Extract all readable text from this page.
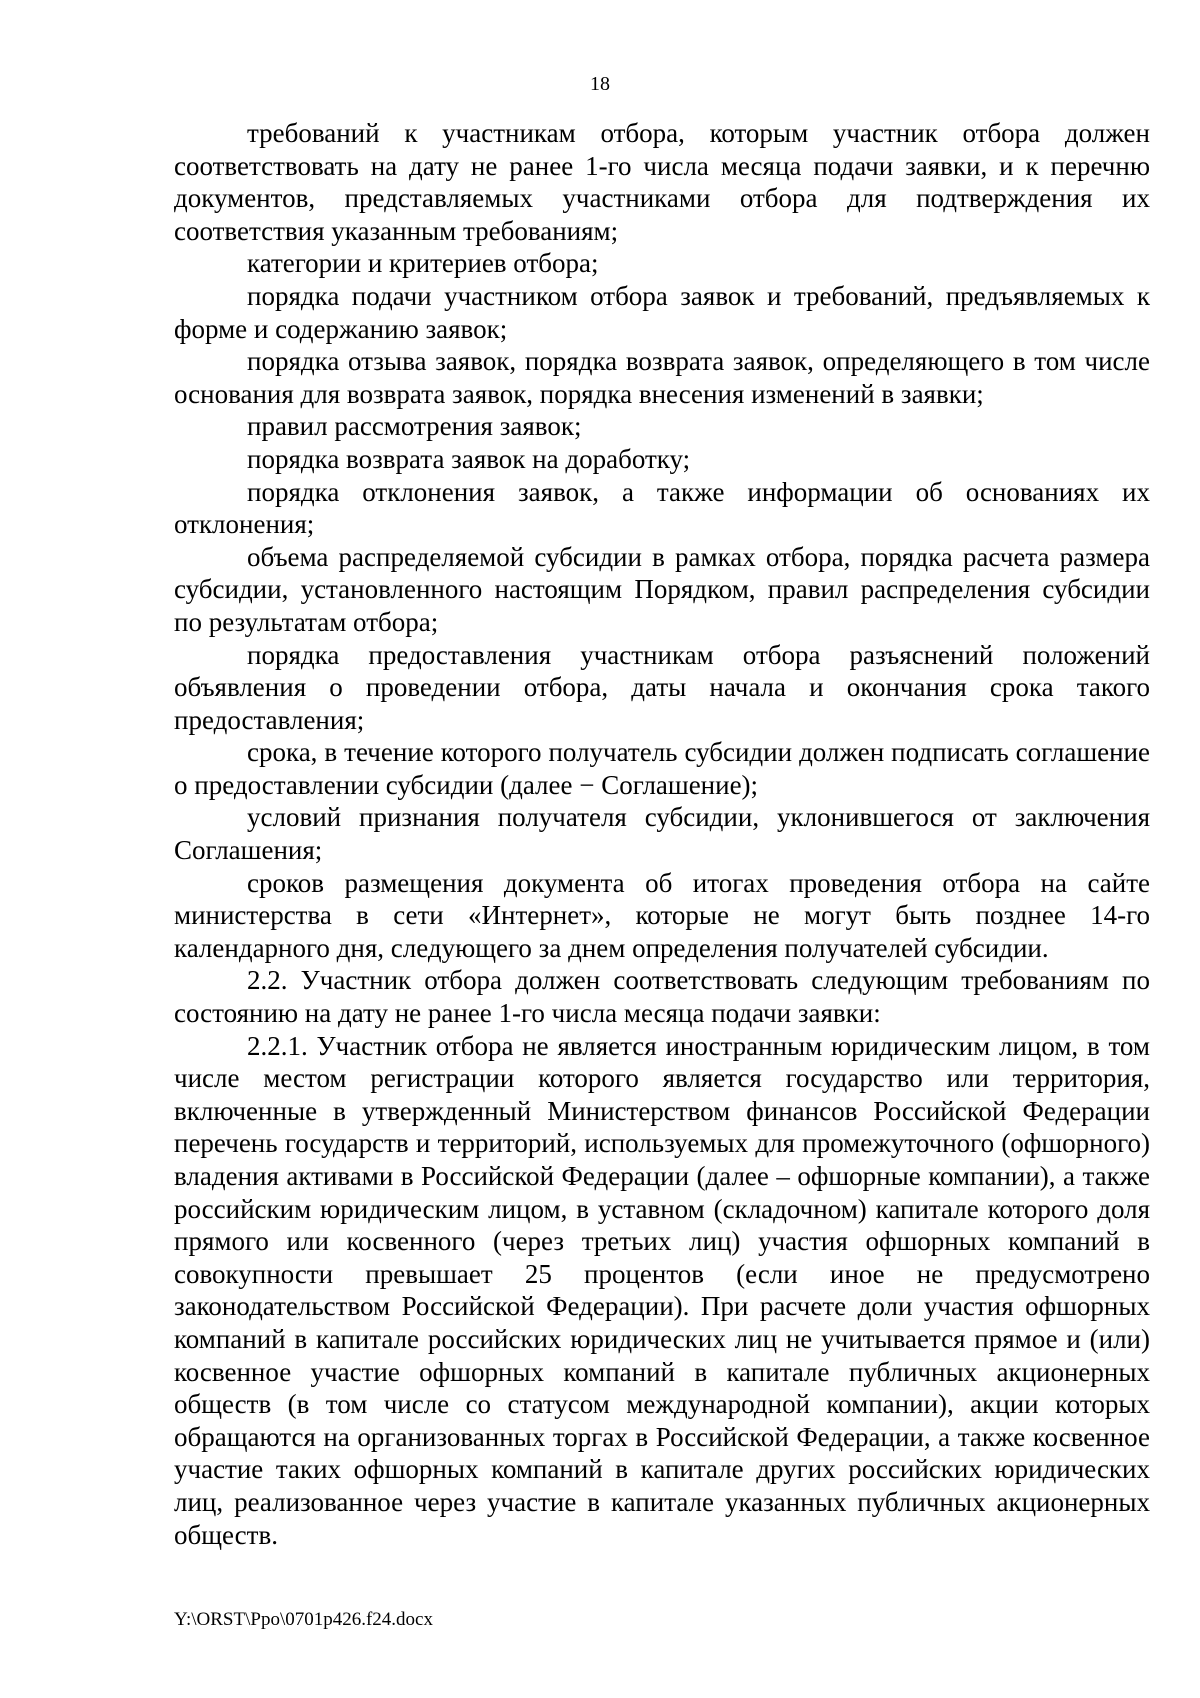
18

требований к участникам отбора, которым участник отбора должен соответствовать на дату не ранее 1-го числа месяца подачи заявки, и к перечню документов, представляемых участниками отбора для подтверждения их соответствия указанным требованиям;

категории и критериев отбора;

порядка подачи участником отбора заявок и требований, предъявляемых к форме и содержанию заявок;

порядка отзыва заявок, порядка возврата заявок, определяющего в том числе основания для возврата заявок, порядка внесения изменений в заявки;

правил рассмотрения заявок;

порядка возврата заявок на доработку;

порядка отклонения заявок, а также информации об основаниях их отклонения;

объема распределяемой субсидии в рамках отбора, порядка расчета размера субсидии, установленного настоящим Порядком, правил распределения субсидии по результатам отбора;

порядка предоставления участникам отбора разъяснений положений объявления о проведении отбора, даты начала и окончания срока такого предоставления;

срока, в течение которого получатель субсидии должен подписать соглашение о предоставлении субсидии (далее − Соглашение);

условий признания получателя субсидии, уклонившегося от заключения Соглашения;

сроков размещения документа об итогах проведения отбора на сайте министерства в сети «Интернет», которые не могут быть позднее 14-го календарного дня, следующего за днем определения получателей субсидии.

2.2. Участник отбора должен соответствовать следующим требованиям по состоянию на дату не ранее 1-го числа месяца подачи заявки:

2.2.1. Участник отбора не является иностранным юридическим лицом, в том числе местом регистрации которого является государство или территория, включенные в утвержденный Министерством финансов Российской Федерации перечень государств и территорий, используемых для промежуточного (офшорного) владения активами в Российской Федерации (далее – офшорные компании), а также российским юридическим лицом, в уставном (складочном) капитале которого доля прямого или косвенного (через третьих лиц) участия офшорных компаний в совокупности превышает 25 процентов (если иное не предусмотрено законодательством Российской Федерации). При расчете доли участия офшорных компаний в капитале российских юридических лиц не учитывается прямое и (или) косвенное участие офшорных компаний в капитале публичных акционерных обществ (в том числе со статусом международной компании), акции которых обращаются на организованных торгах в Российской Федерации, а также косвенное участие таких офшорных компаний в капитале других российских юридических лиц, реализованное через участие в капитале указанных публичных акционерных обществ.

Y:\ORST\Ppo\0701p426.f24.docx
